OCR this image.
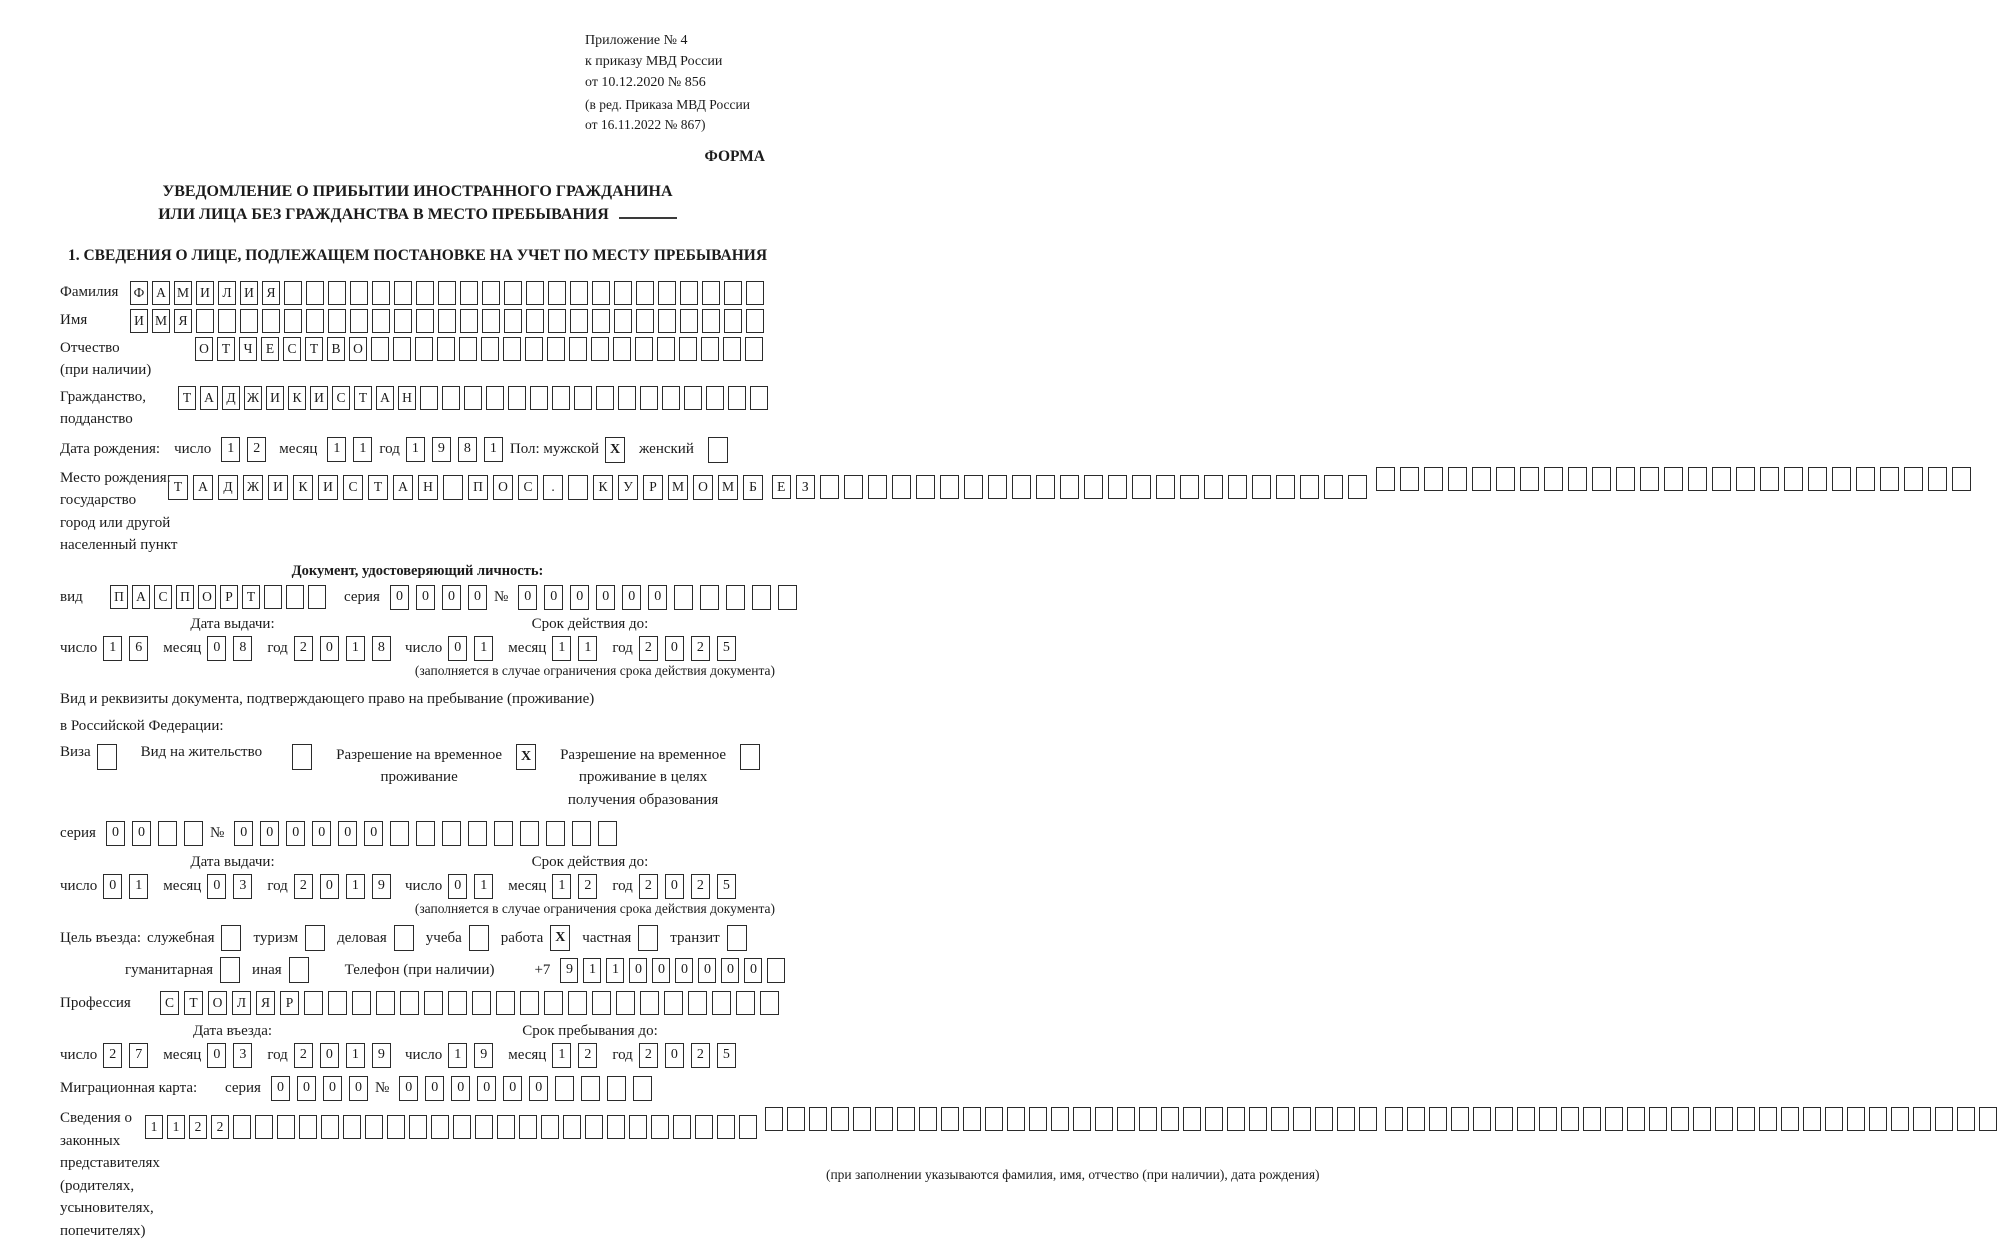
Приложение № 4
к приказу МВД России
от 10.12.2020 № 856
(в ред. Приказа МВД России
от 16.11.2022 № 867)
ФОРМА
УВЕДОМЛЕНИЕ О ПРИБЫТИИ ИНОСТРАННОГО ГРАЖДАНИНА
ИЛИ ЛИЦА БЕЗ ГРАЖДАНСТВА В МЕСТО ПРЕБЫВАНИЯ
1. СВЕДЕНИЯ О ЛИЦЕ, ПОДЛЕЖАЩЕМ ПОСТАНОВКЕ НА УЧЕТ ПО МЕСТУ ПРЕБЫВАНИЯ
Фамилия	Ф А М И Л И Я
Имя	И М Я
Отчество
(при наличии)
О Т Ч Е С Т В О
Гражданство,
подданство
Т А Д Ж И К И С Т А Н
Дата рождения: число	1	2	месяц	1	1 год 1	9	8	1 Пол: мужской X	женский
Место рождения:
государство
город или другой
населенный пункт
Т	А	Д	Ж	И	К	И	С	Т	А	Н	П	О	С	.	К	У	Р	М	О	М	Б
	Е	З

Документ, удостоверяющий личность:
вид	П А С П О Р	Т	серия	0	0	0	0 №	0	0	0	0	0	0
Дата выдачи:
число 1	6	месяц 0	8	год 2	0	1	8
Срок действия до:
число 0	1	месяц 1	1	год 2	0	2	5
(заполняется в случае ограничения срока действия документа)
Вид и реквизиты документа, подтверждающего право на пребывание (проживание)
в Российской Федерации:
Виза	Вид на жительство	Разрешение на временное
проживание
X	Разрешение на временное
проживание в целях
получения образования
серия	0	0	№	0	0	0	0	0	0
Дата выдачи:
число 0	1	месяц 0	3	год 2	0	1	9
Срок действия до:
число 0	1	месяц 1	2	год 2	0	2	5
(заполняется в случае ограничения срока действия документа)
Цель въезда: служебная	туризм	деловая	учеба	работа X	частная	транзит
гуманитарная	иная	Телефон (при наличии)	+7	9	1	1	0	0	0	0	0	0
Профессия	С	Т	О	Л	Я	Р
Дата въезда:
число 2	7	месяц 0	3	год 2	0	1	9
Срок пребывания до:
число 1	9	месяц 1	2	год 2	0	2	5
Миграционная карта:	серия	0	0	0	0 №	0	0	0	0	0	0
Сведения о
законных
представителях
(родителях,
усыновителях,
попечителях)
1	1	2	2

(при заполнении указываются фамилия, имя, отчество (при наличии), дата рождения)
